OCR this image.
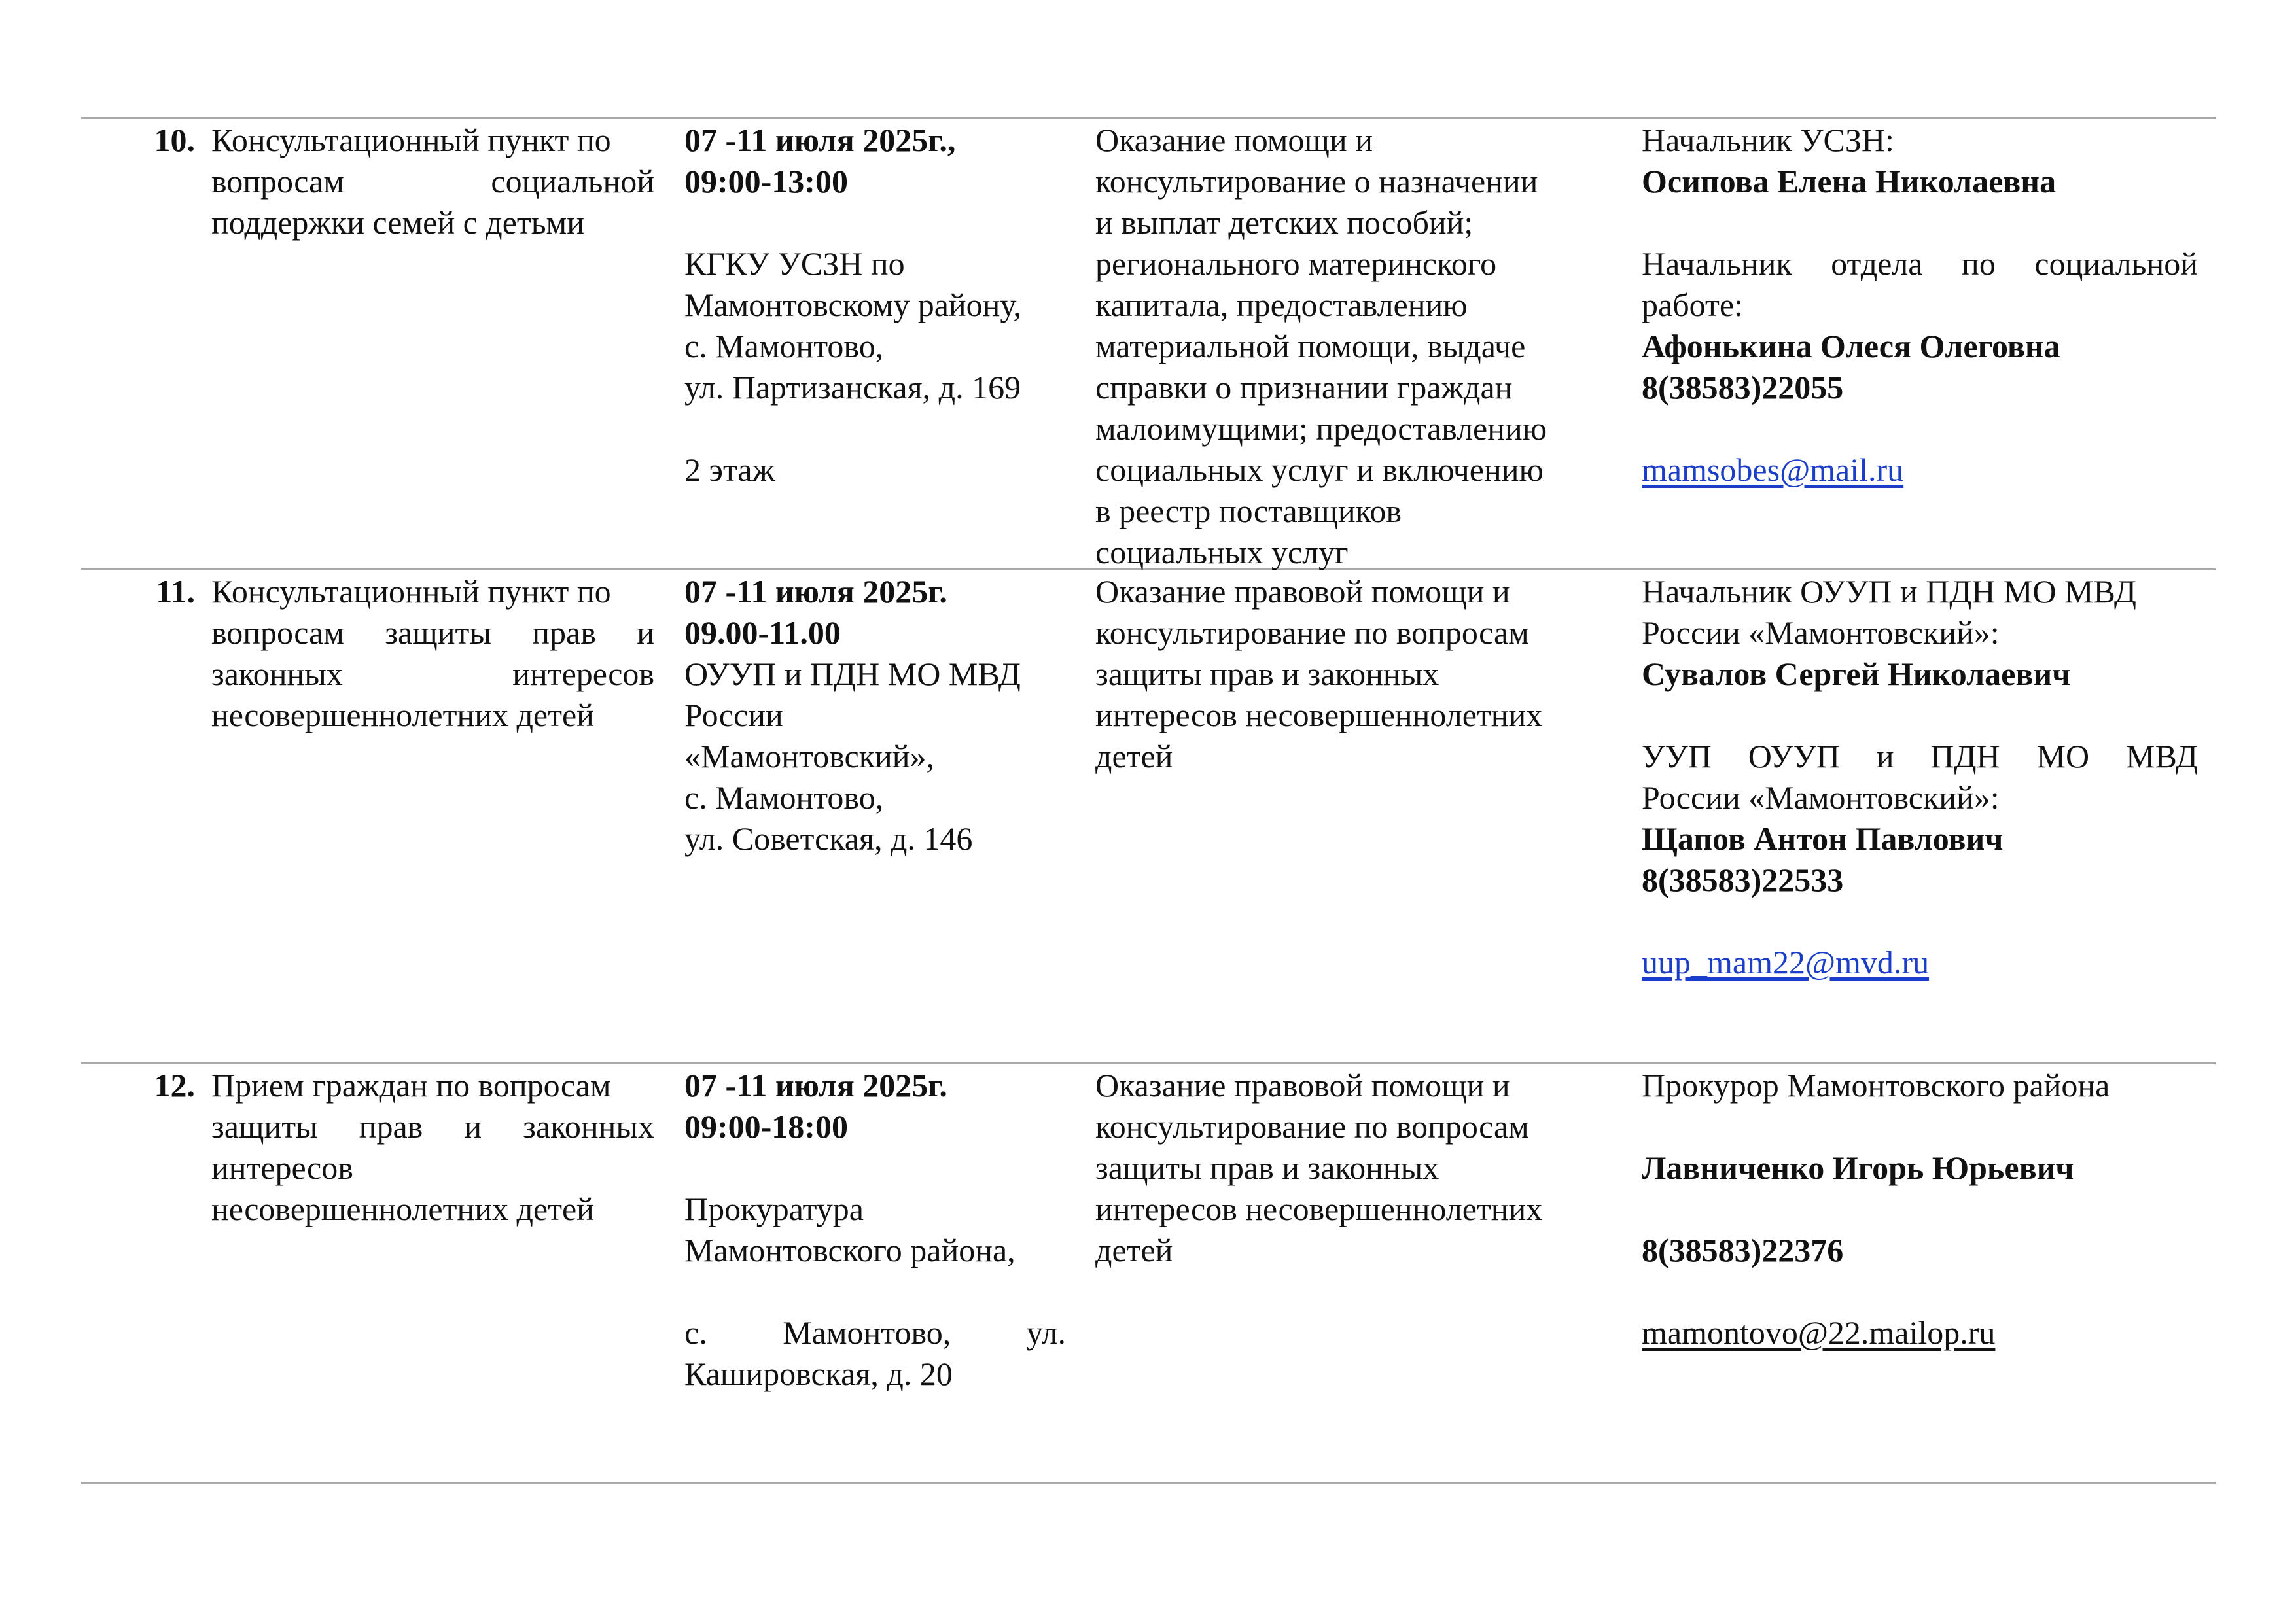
10. Консультационный пункт по
вопросам социальной
поддержки семей с детьми
07 -11 июля 2025г.,
09:00-13:00
КГКУ УСЗН по
Мамонтовскому району,
с. Мамонтово,
ул. Партизанская, д. 169
2 этаж
Оказание помощи и
консультирование о назначении
и выплат детских пособий;
регионального материнского
капитала, предоставлению
материальной помощи, выдаче
справки о признании граждан
малоимущими; предоставлению
социальных услуг и включению
в реестр поставщиков
социальных услуг
Начальник УСЗН:
Осипова Елена Николаевна
Начальник отдела по социальной
работе:
Афонькина Олеся Олеговна
8(38583)22055
mamsobes@mail.ru
11. Консультационный пункт по
вопросам защиты прав и
законных интересов
несовершеннолетних детей
07 -11 июля 2025г.
09.00-11.00
ОУУП и ПДН МО МВД
России
«Мамонтовский»,
с. Мамонтово,
ул. Советская, д. 146
Оказание правовой помощи и
консультирование по вопросам
защиты прав и законных
интересов несовершеннолетних
детей
Начальник ОУУП и ПДН МО МВД
России «Мамонтовский»:
Сувалов Сергей Николаевич
УУП ОУУП и ПДН МО МВД
России «Мамонтовский»:
Щапов Антон Павлович
8(38583)22533
uup_mam22@mvd.ru
12. Прием граждан по вопросам
защиты прав и законных
интересов
несовершеннолетних детей
07 -11 июля 2025г.
09:00-18:00
Прокуратура
Мамонтовского района,
с. Мамонтово, ул.
Кашировская, д. 20
Оказание правовой помощи и
консультирование по вопросам
защиты прав и законных
интересов несовершеннолетних
детей
Прокурор Мамонтовского района
Лавниченко Игорь Юрьевич
8(38583)22376
mamontovo@22.mailop.ru
